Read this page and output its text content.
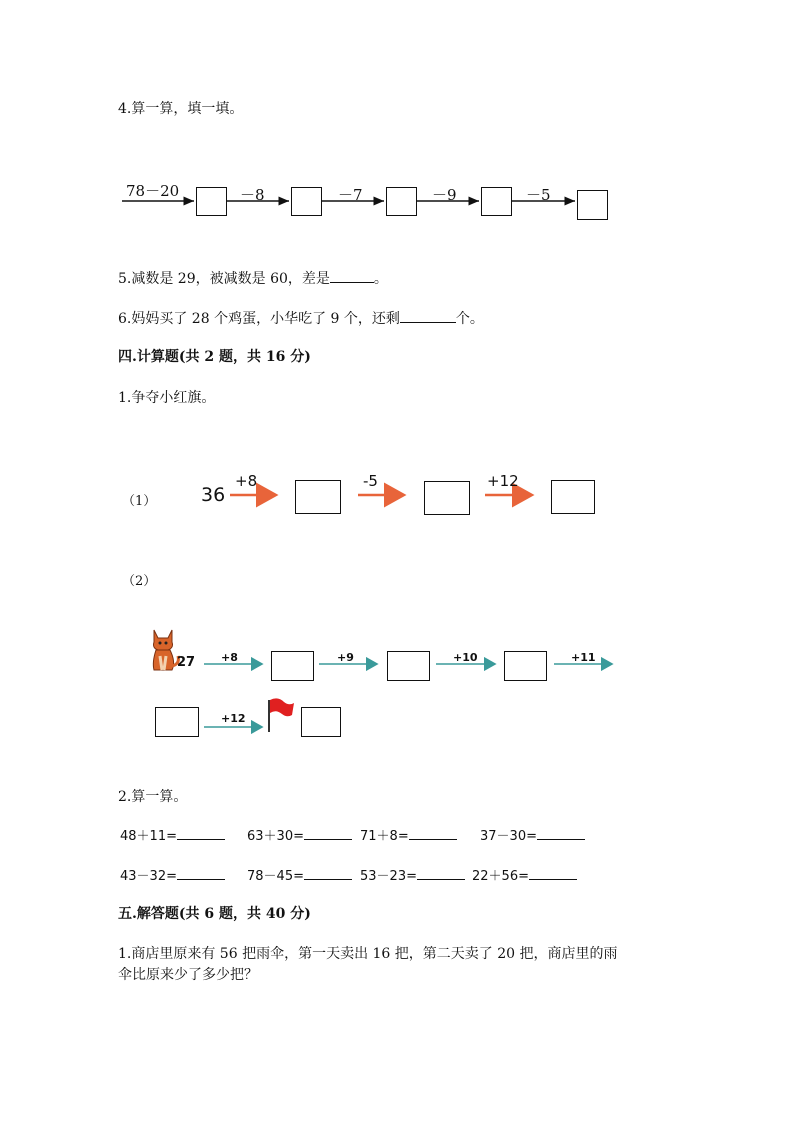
4.算一算，填一填。
78－20	－8	－7	－9	－5
5.减数是 29，被减数是 60，差是	。
6.妈妈买了 28 个鸡蛋，小华吃了 9 个，还剩	个。
四.计算题(共 2 题，共 16 分)
1.争夺小红旗。
（1） 36
+8	-5	+12
（2）
27 +8	+9	+10	+11
+12
2.算一算。
48＋11=	63＋30=	71＋8=	37－30=
43－32=	78－45=	53－23=	22＋56=
五.解答题(共 6 题，共 40 分)
1.商店里原来有 56 把雨伞，第一天卖出 16 把，第二天卖了 20 把，商店里的雨
伞比原来少了多少把？
